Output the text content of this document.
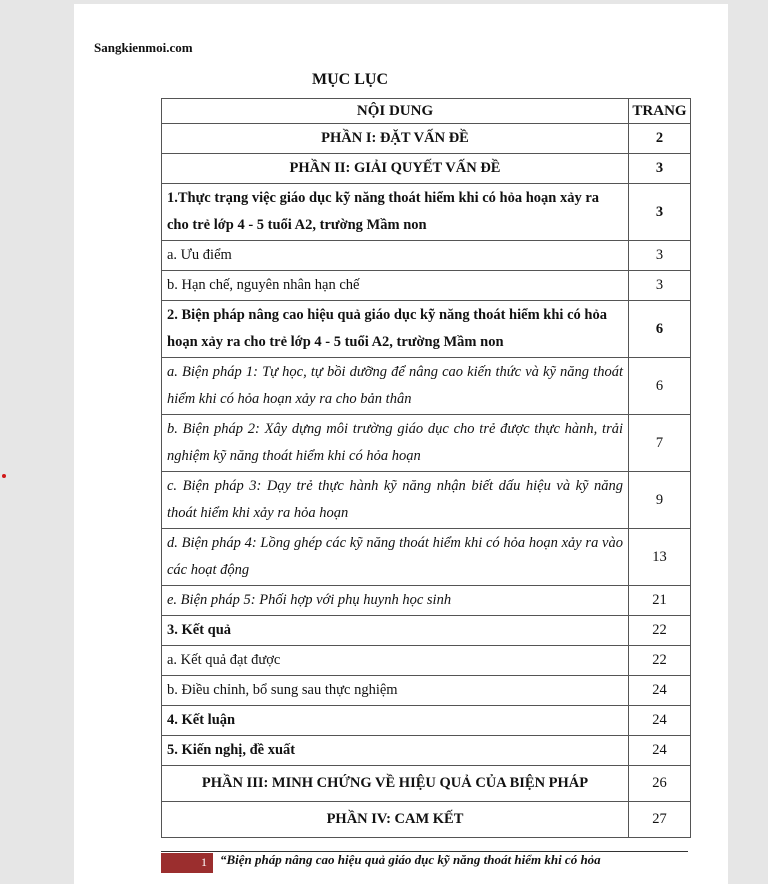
Sangkienmoi.com
MỤC LỤC
NỘI DUNG	TRANG
PHẦN I: ĐẶT VẤN ĐỀ	2
PHẦN II: GIẢI QUYẾT VẤN ĐỀ	3
1.Thực trạng việc giáo dục kỹ năng thoát hiểm khi có hỏa hoạn xảy ra cho trẻ lớp 4 - 5 tuổi A2, trường Mầm non	3
a. Ưu điểm	3
b. Hạn chế, nguyên nhân hạn chế	3
2. Biện pháp nâng cao hiệu quả giáo dục kỹ năng thoát hiểm khi có hỏa hoạn xảy ra cho trẻ lớp 4 - 5 tuổi A2, trường Mầm non	6
a. Biện pháp 1: Tự học, tự bồi dưỡng để nâng cao kiến thức và kỹ năng thoát hiểm khi có hỏa hoạn xảy ra cho bản thân	6
b. Biện pháp 2: Xây dựng môi trường giáo dục cho trẻ được thực hành, trải nghiệm kỹ năng thoát hiểm khi có hỏa hoạn	7
c. Biện pháp 3: Dạy trẻ thực hành kỹ năng nhận biết dấu hiệu và kỹ năng thoát hiểm khi xảy ra hỏa hoạn	9
d. Biện pháp 4: Lồng ghép các kỹ năng thoát hiểm khi có hỏa hoạn xảy ra vào các hoạt động	13
e. Biện pháp 5: Phối hợp với phụ huynh học sinh	21
3. Kết quả	22
a. Kết quả đạt được	22
b. Điều chỉnh, bổ sung sau thực nghiệm	24
4. Kết luận	24
5. Kiến nghị, đề xuất	24
PHẦN III: MINH CHỨNG VỀ HIỆU QUẢ CỦA BIỆN PHÁP	26
PHẦN IV: CAM KẾT	27
1	“Biện pháp nâng cao hiệu quả giáo dục kỹ năng thoát hiểm khi có hỏa
